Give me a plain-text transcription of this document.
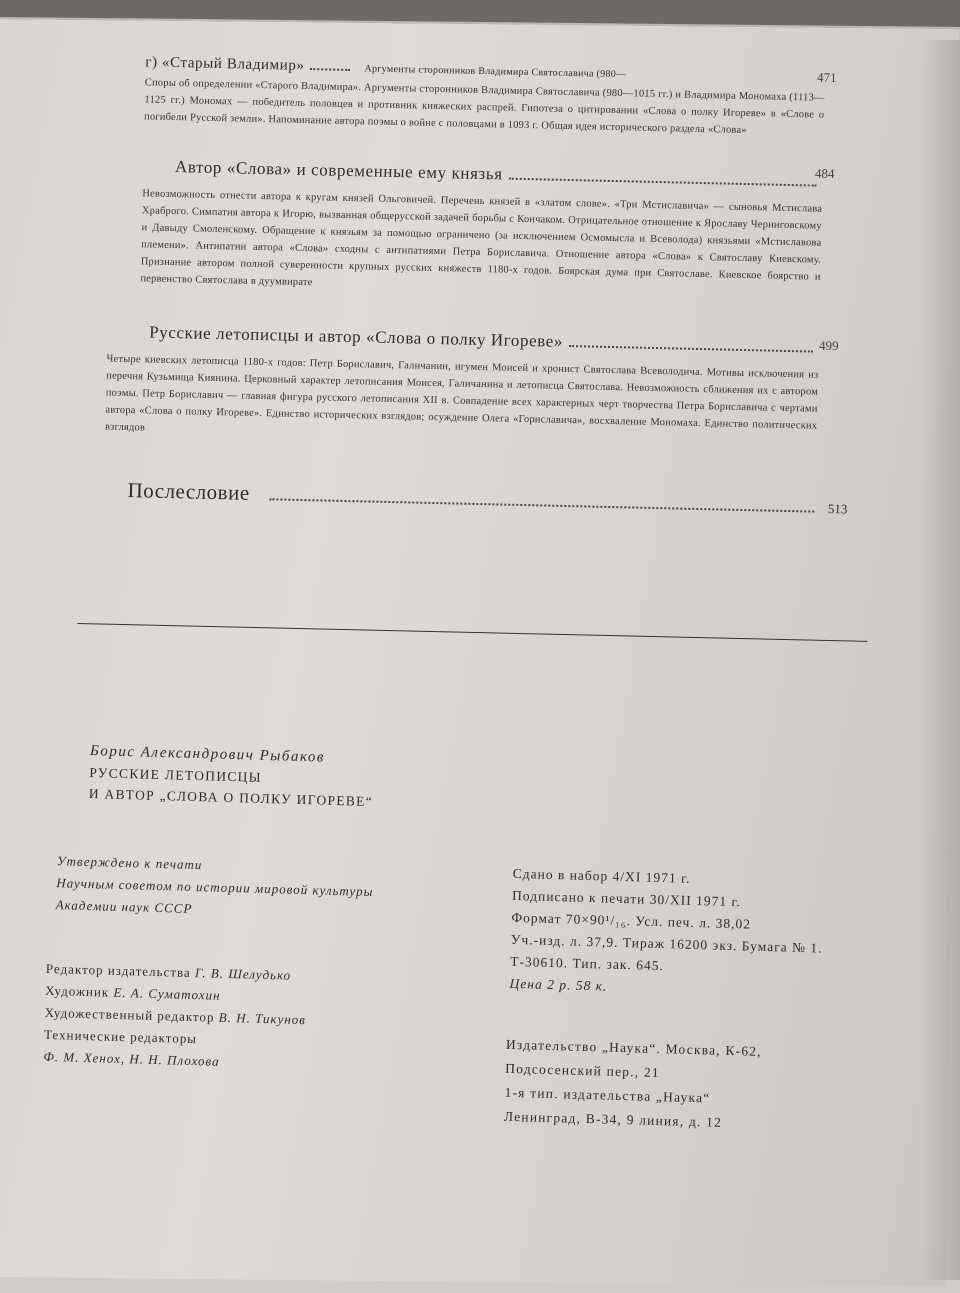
г) «Старый Владимир»	Аргументы сторонников Владимира Святославича (980—
Споры об определении «Старого Владимира». Аргументы сторонников Владимира Святославича (980—1015 гг.) и Владимира Мономаха (1113—1125 гг.) Мономах — победитель половцев и противник княжеских распрей. Гипотеза о цитировании «Слова о полку Игореве» в «Слове о погибели Русской земли». Напоминание автора поэмы о войне с половцами в 1093 г. Общая идея исторического раздела «Слова»
471
Автор «Слова» и современные ему князья
Невозможность отнести автора к кругам князей Ольговичей. Перечень князей в «златом слове». «Три Мстиславича» — сыновья Мстислава Храброго. Симпатия автора к Игорю, вызванная общерусской задачей борьбы с Кончаком. Отрицательное отношение к Ярославу Черниговскому и Давыду Смоленскому. Обращение к князьям за помощью ограничено (за исключением Осмомысла и Всеволода) князьями «Мстиславова племени». Антипатии автора «Слова» сходны с антипатиями Петра Бориславича. Отношение автора «Слова» к Святославу Киевскому. Признание автором полной суверенности крупных русских княжеств 1180-х годов. Боярская дума при Святославе. Киевское боярство и первенство Святослава в дуумвирате
484
Русские летописцы и автор «Слова о полку Игореве»
Четыре киевских летописца 1180-х годов: Петр Бориславич, Галичанин, игумен Моисей и хронист Святослава Всеволодича. Мотивы исключения из перечня Кузьмища Киянина. Церковный характер летописания Моисея, Галичанина и летописца Святослава. Невозможность сближения их с автором поэмы. Петр Бориславич — главная фигура русского летописания XII в. Совпадение всех характерных черт творчества Петра Бориславича с чертами автора «Слова о полку Игореве». Единство исторических взглядов; осуждение Олега «Гориславича», восхваление Мономаха. Единство политических взглядов
499
Послесловие
513
Борис Александрович Рыбаков
РУССКИЕ ЛЕТОПИСЦЫ
И АВТОР „СЛОВА О ПОЛКУ ИГОРЕВЕ“
Утверждено к печати
Научным советом по истории мировой культуры
Академии наук СССР
Редактор издательства Г. В. Шелудько
Художник Е. А. Суматохин
Художественный редактор В. Н. Тикунов
Технические редакторы
Ф. М. Хенох, Н. Н. Плохова
Сдано в набор 4/XI 1971 г.
Подписано к печати 30/XII 1971 г.
Формат 70×90¹/₁₆. Усл. печ. л. 38,02
Уч.-изд. л. 37,9. Тираж 16200 экз. Бумага № 1.
Т-30610. Тип. зак. 645.
Цена 2 р. 58 к.
Издательство „Наука“. Москва, К-62,
Подсосенский пер., 21
1-я тип. издательства „Наука“
Ленинград, В-34, 9 линия, д. 12
